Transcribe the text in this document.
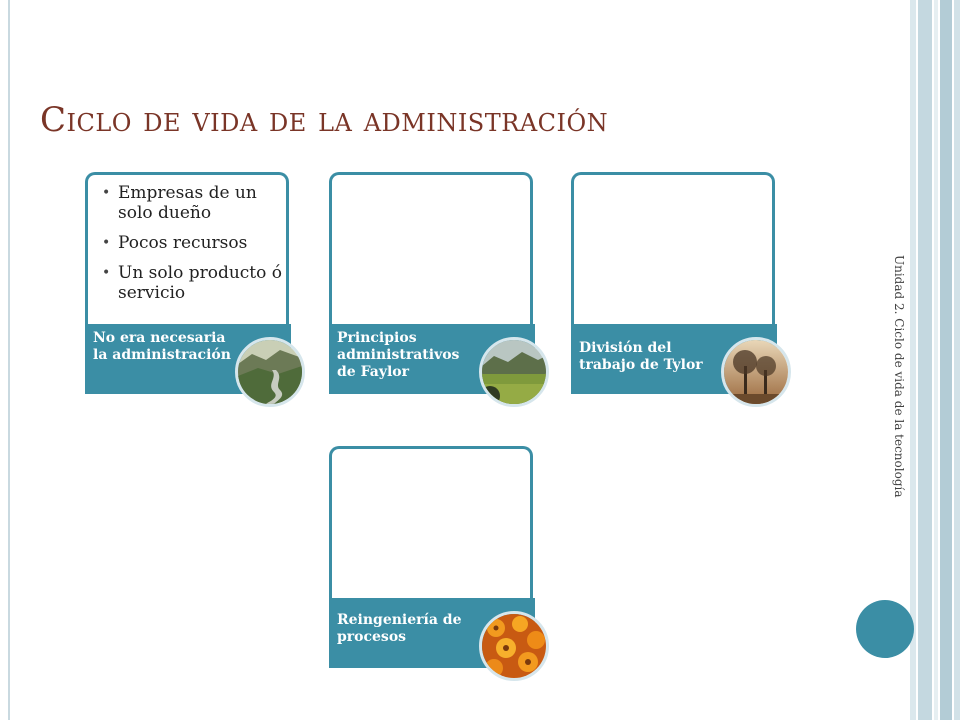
Ciclo de vida de la administración
Unidad 2. Ciclo de vida de la tecnología
• Empresas de un solo dueño
• Pocos recursos
• Un solo producto ó servicio
No era necesaria la administración
Principios administrativos de Faylor
División del trabajo de Tylor
Reingeniería de procesos
